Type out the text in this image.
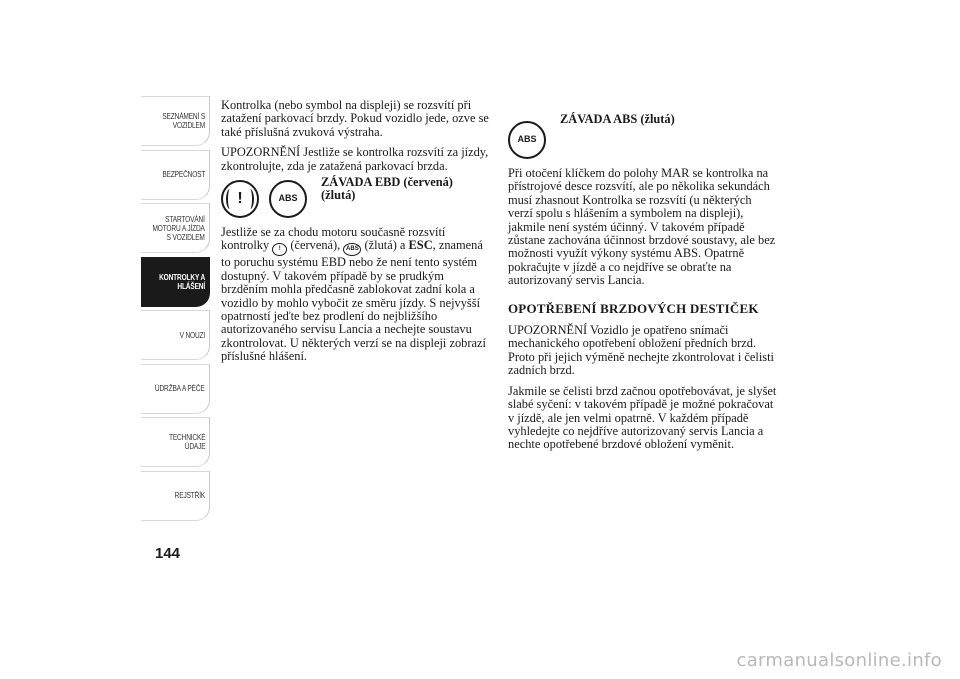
SEZNÁMENÍ S
VOZIDLEM
BEZPEČNOST
STARTOVÁNÍ
MOTORU A JÍZDA
S VOZIDLEM
KONTROLKY A
HLÁŠENÍ
V NOUZI
ÚDRŽBA A PÉČE
TECHNICKÉ
ÚDAJE
REJSTŘÍK
144

Kontrolka (nebo symbol na displeji) se rozsvítí při zatažení parkovací brzdy. Pokud vozidlo jede, ozve se také příslušná zvuková výstraha.

UPOZORNĚNÍ Jestliže se kontrolka rozsvítí za jízdy, zkontrolujte, zda je zatažená parkovací brzda.

!	ABS
ZÁVADA EBD (červená)
(žlutá)

Jestliže se za chodu motoru současně rozsvítí kontrolky ! (červená), ABS (žlutá) a ESC, znamená to poruchu systému EBD nebo že není tento systém dostupný. V takovém případě by se prudkým brzděním mohla předčasně zablokovat zadní kola a vozidlo by mohlo vybočit ze směru jízdy. S nejvyšší opatrností jeďte bez prodlení do nejbližšího autorizovaného servisu Lancia a nechejte soustavu zkontrolovat. U některých verzí se na displeji zobrazí příslušné hlášení.

ABS
ZÁVADA ABS (žlutá)

Při otočení klíčkem do polohy MAR se kontrolka na přístrojové desce rozsvítí, ale po několika sekundách musí zhasnout Kontrolka se rozsvítí (u některých verzí spolu s hlášením a symbolem na displeji), jakmile není systém účinný. V takovém případě zůstane zachována účinnost brzdové soustavy, ale bez možnosti využít výkony systému ABS. Opatrně pokračujte v jízdě a co nejdříve se obraťte na autorizovaný servis Lancia.

OPOTŘEBENÍ BRZDOVÝCH DESTIČEK

UPOZORNĚNÍ Vozidlo je opatřeno snímači mechanického opotřebení obložení předních brzd. Proto při jejich výměně nechejte zkontrolovat i čelisti zadních brzd.

Jakmile se čelisti brzd začnou opotřebovávat, je slyšet slabé syčení: v takovém případě je možné pokračovat v jízdě, ale jen velmi opatrně. V každém případě vyhledejte co nejdříve autorizovaný servis Lancia a nechte opotřebené brzdové obložení vyměnit.

carmanualsonline.info
